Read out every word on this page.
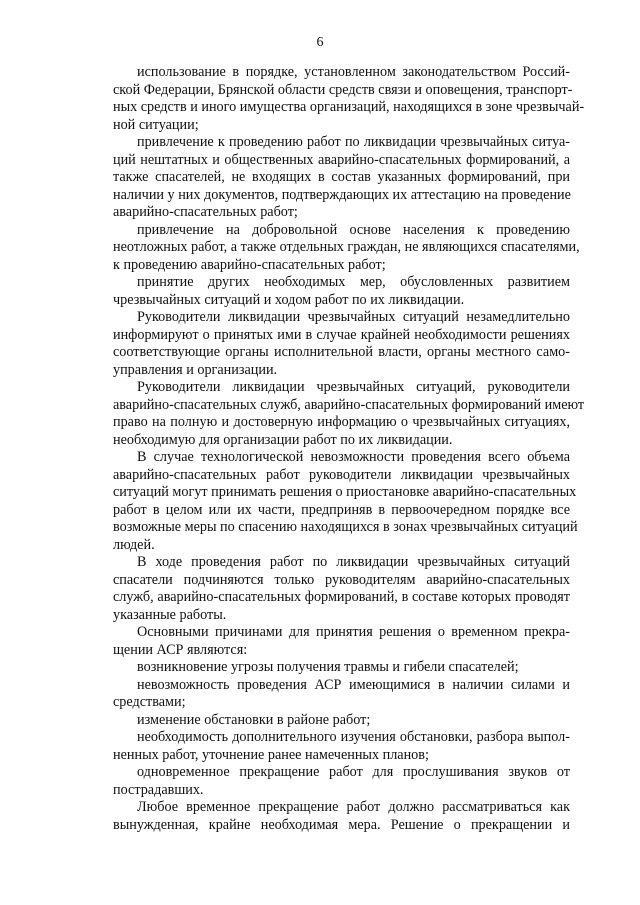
6
использование в порядке, установленном законодательством Россий-
ской Федерации, Брянской области средств связи и оповещения, транспорт-
ных средств и иного имущества организаций, находящихся в зоне чрезвычай-
ной ситуации;
привлечение к проведению работ по ликвидации чрезвычайных ситуа-
ций нештатных и общественных аварийно-спасательных формирований, а
также спасателей, не входящих в состав указанных формирований, при
наличии у них документов, подтверждающих их аттестацию на проведение
аварийно-спасательных работ;
привлечение на добровольной основе населения к проведению
неотложных работ, а также отдельных граждан, не являющихся спасателями,
к проведению аварийно-спасательных работ;
принятие других необходимых мер, обусловленных развитием
чрезвычайных ситуаций и ходом работ по их ликвидации.
Руководители ликвидации чрезвычайных ситуаций незамедлительно
информируют о принятых ими в случае крайней необходимости решениях
соответствующие органы исполнительной власти, органы местного само-
управления и организации.
Руководители ликвидации чрезвычайных ситуаций, руководители
аварийно-спасательных служб, аварийно-спасательных формирований имеют
право на полную и достоверную информацию о чрезвычайных ситуациях,
необходимую для организации работ по их ликвидации.
В случае технологической невозможности проведения всего объема
аварийно-спасательных работ руководители ликвидации чрезвычайных
ситуаций могут принимать решения о приостановке аварийно-спасательных
работ в целом или их части, предприняв в первоочередном порядке все
возможные меры по спасению находящихся в зонах чрезвычайных ситуаций
людей.
В ходе проведения работ по ликвидации чрезвычайных ситуаций
спасатели подчиняются только руководителям аварийно-спасательных
служб, аварийно-спасательных формирований, в составе которых проводят
указанные работы.
Основными причинами для принятия решения о временном прекра-
щении АСР являются:
возникновение угрозы получения травмы и гибели спасателей;
невозможность проведения АСР имеющимися в наличии силами и
средствами;
изменение обстановки в районе работ;
необходимость дополнительного изучения обстановки, разбора выпол-
ненных работ, уточнение ранее намеченных планов;
одновременное прекращение работ для прослушивания звуков от
пострадавших.
Любое временное прекращение работ должно рассматриваться как
вынужденная, крайне необходимая мера. Решение о прекращении и
